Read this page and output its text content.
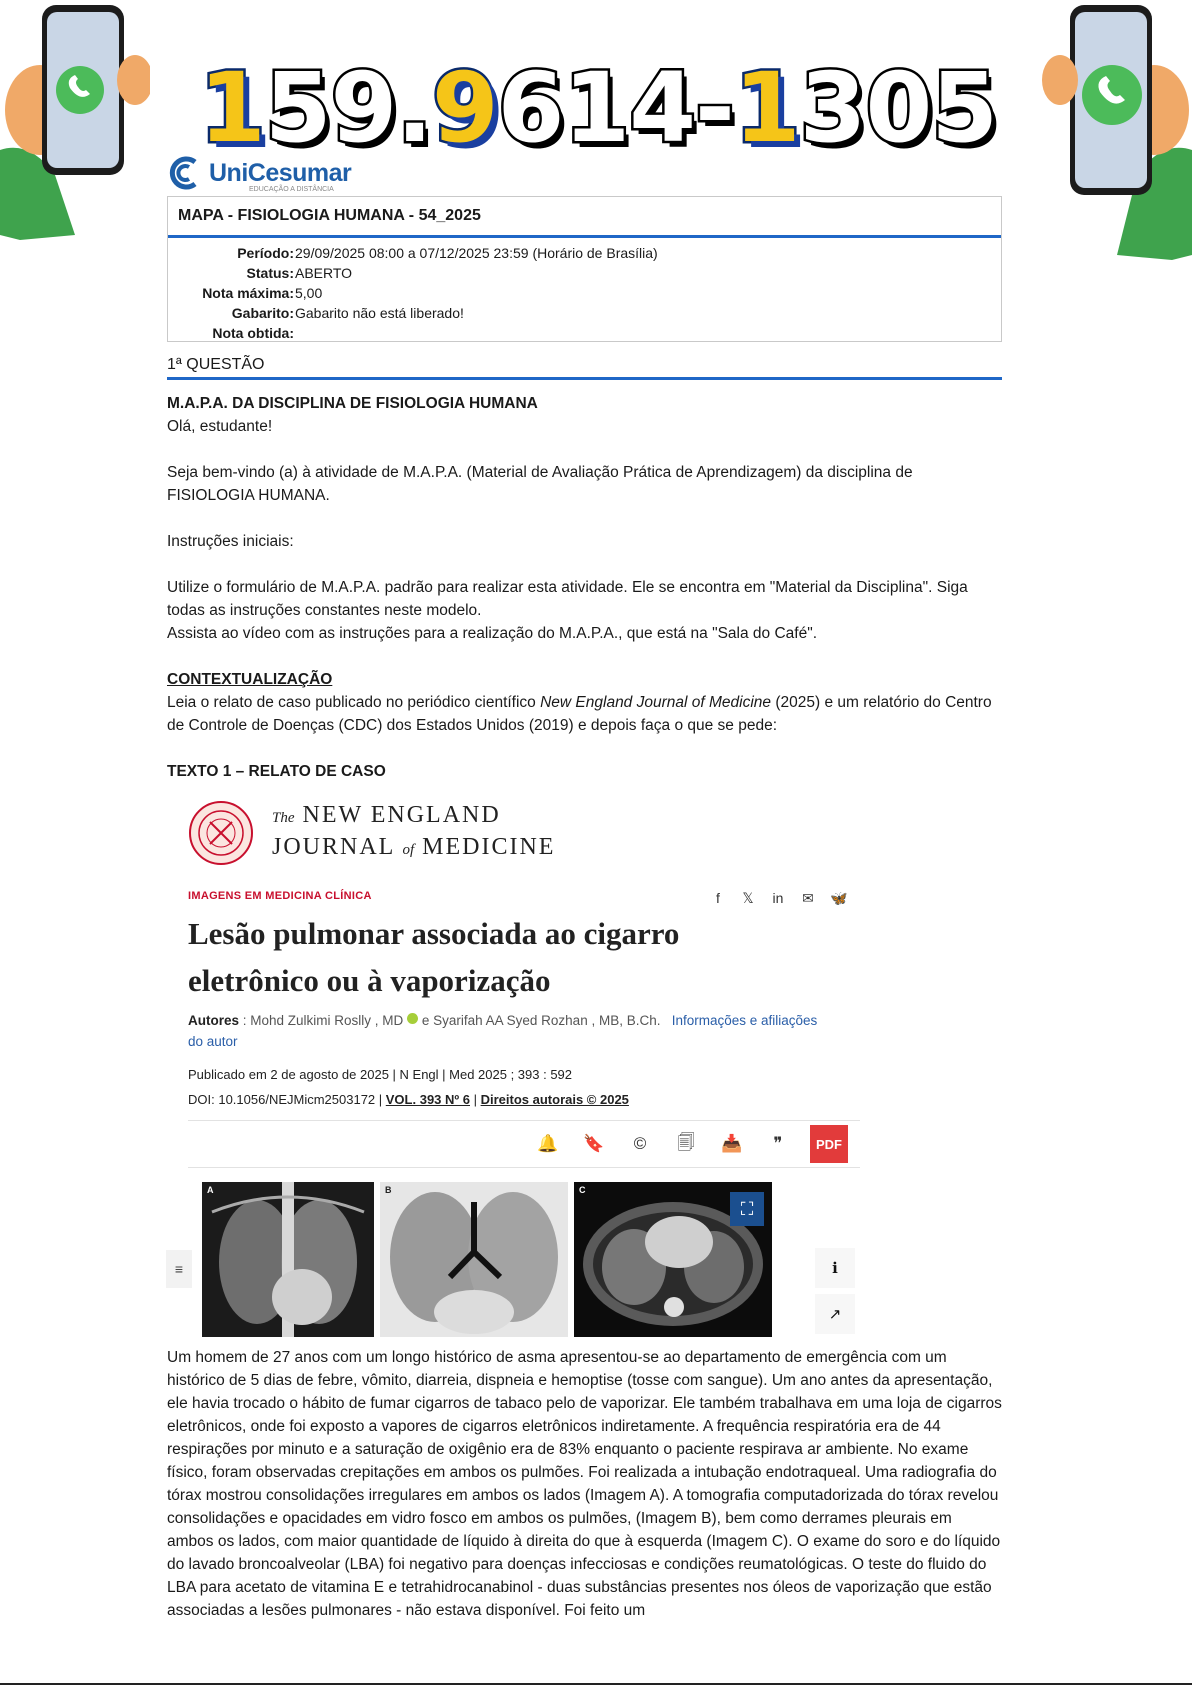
1 5 9. 9 614- 1 305
UniCesumar
EDUCAÇÃO A DISTÂNCIA
MAPA - FISIOLOGIA HUMANA - 54_2025
Período: 29/09/2025 08:00 a 07/12/2025 23:59 (Horário de Brasília)
Status: ABERTO
Nota máxima: 5,00
Gabarito: Gabarito não está liberado!
Nota obtida:
1ª QUESTÃO

M.A.P.A. DA DISCIPLINA DE FISIOLOGIA HUMANA

Olá, estudante!

Seja bem-vindo (a) à atividade de M.A.P.A. (Material de Avaliação Prática de Aprendizagem) da disciplina de FISIOLOGIA HUMANA.

Instruções iniciais:

Utilize o formulário de M.A.P.A. padrão para realizar esta atividade. Ele se encontra em "Material da Disciplina". Siga todas as instruções constantes neste modelo.

Assista ao vídeo com as instruções para a realização do M.A.P.A., que está na "Sala do Café".

CONTEXTUALIZAÇÃO

Leia o relato de caso publicado no periódico científico New England Journal of Medicine (2025) e um relatório do Centro de Controle de Doenças (CDC) dos Estados Unidos (2019) e depois faça o que se pede:

TEXTO 1 – RELATO DE CASO

The NEW ENGLAND
JOURNAL of MEDICINE
IMAGENS EM MEDICINA CLÍNICA	f	𝕏 in ✉ 🦋
Lesão pulmonar associada ao cigarro eletrônico ou à vaporização
Autores : Mohd Zulkimi Roslly , MD e Syarifah AA Syed Rozhan , MB, B.Ch. Informações e afiliações do autor
Publicado em 2 de agosto de 2025 | N Engl | Med 2025 ; 393 : 592
DOI: 10.1056/NEJMicm2503172 | VOL. 393 Nº 6 | Direitos autorais © 2025
🔔 🔖	©	🗐	📥	❞	PDF
A	B	C
⛶
≡	ℹ
↗
Um homem de 27 anos com um longo histórico de asma apresentou-se ao departamento de emergência com um histórico de 5 dias de febre, vômito, diarreia, dispneia e hemoptise (tosse com sangue). Um ano antes da apresentação, ele havia trocado o hábito de fumar cigarros de tabaco pelo de vaporizar. Ele também trabalhava em uma loja de cigarros eletrônicos, onde foi exposto a vapores de cigarros eletrônicos indiretamente. A frequência respiratória era de 44 respirações por minuto e a saturação de oxigênio era de 83% enquanto o paciente respirava ar ambiente. No exame físico, foram observadas crepitações em ambos os pulmões. Foi realizada a intubação endotraqueal. Uma radiografia do tórax mostrou consolidações irregulares em ambos os lados (Imagem A). A tomografia computadorizada do tórax revelou consolidações e opacidades em vidro fosco em ambos os pulmões, (Imagem B), bem como derrames pleurais em ambos os lados, com maior quantidade de líquido à direita do que à esquerda (Imagem C). O exame do soro e do líquido do lavado broncoalveolar (LBA) foi negativo para doenças infecciosas e condições reumatológicas. O teste do fluido do LBA para acetato de vitamina E e tetrahidrocanabinol - duas substâncias presentes nos óleos de vaporização que estão associadas a lesões pulmonares - não estava disponível. Foi feito um
